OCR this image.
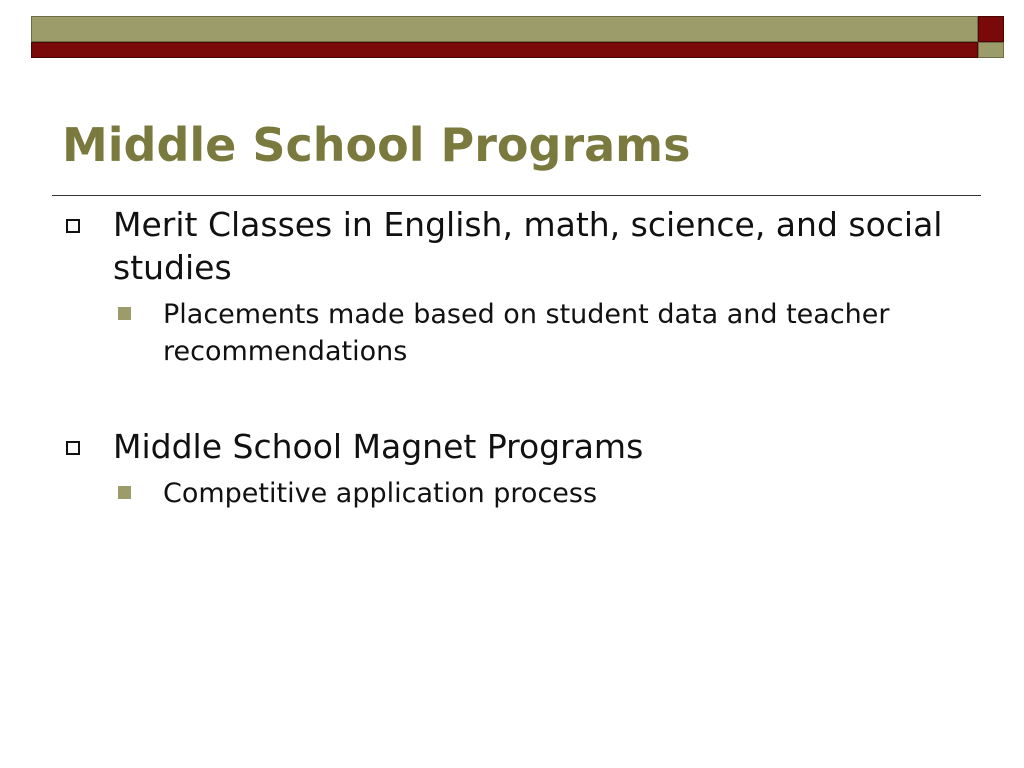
Middle School Programs
Merit Classes in English, math, science, and social studies
Placements made based on student data and teacher recommendations
Middle School Magnet Programs
Competitive application process
